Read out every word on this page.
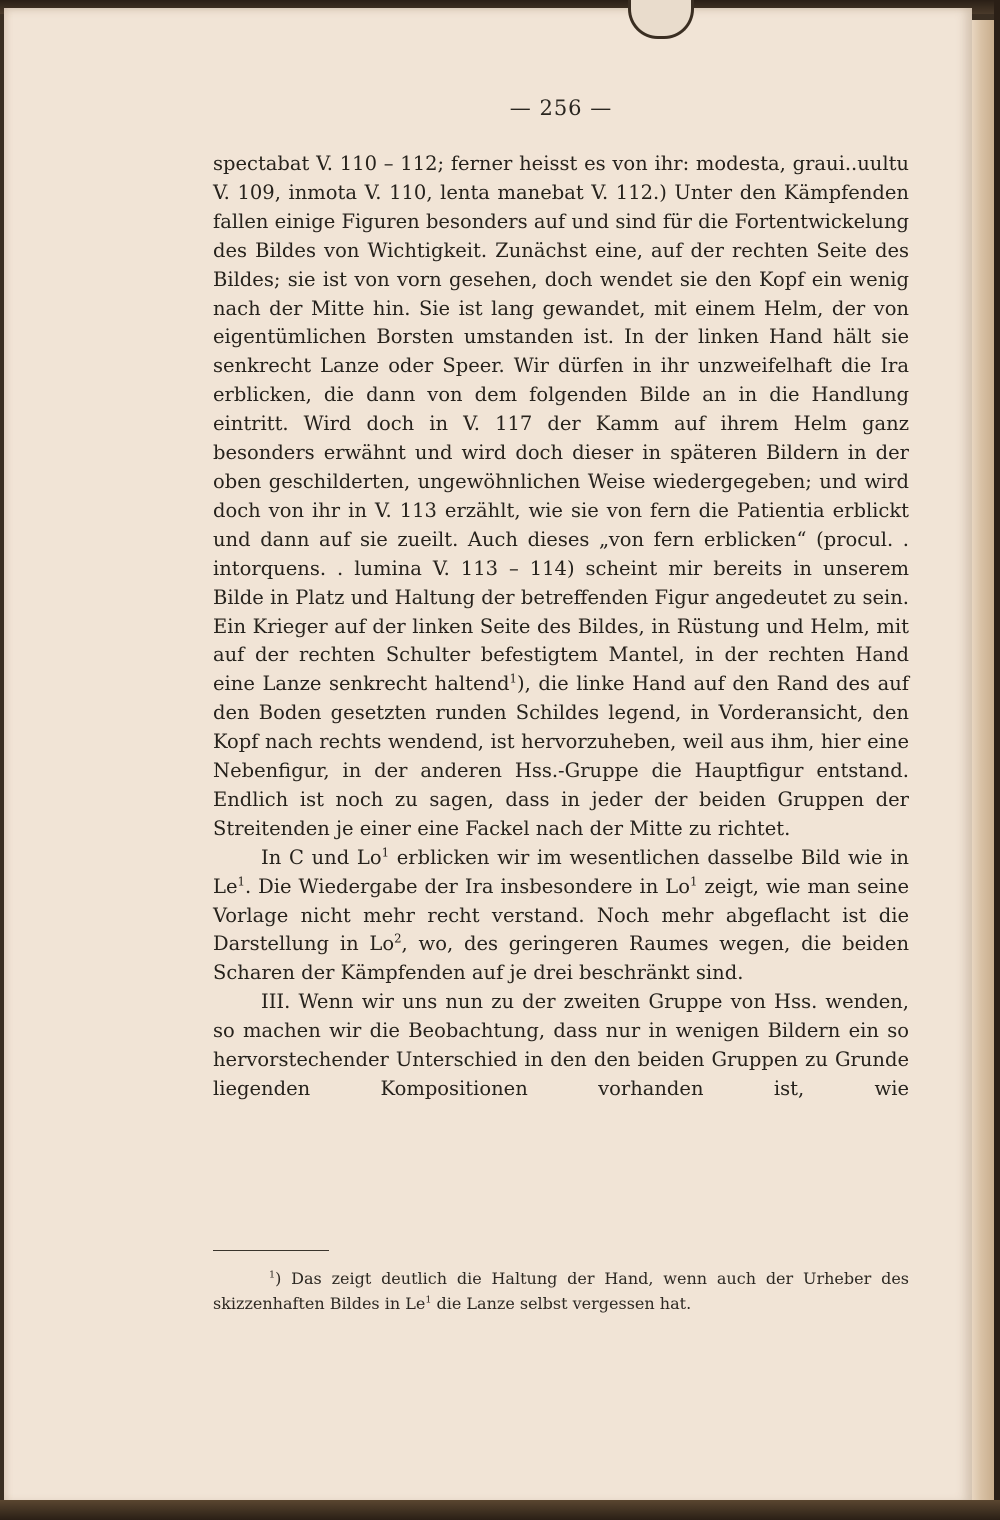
— 256 —

spectabat V. 110 – 112; ferner heisst es von ihr: modesta, graui..uultu V. 109, inmota V. 110, lenta manebat V. 112.) Unter den Kämpfenden fallen einige Figuren besonders auf und sind für die Fortentwickelung des Bildes von Wichtigkeit. Zunächst eine, auf der rechten Seite des Bildes; sie ist von vorn gesehen, doch wendet sie den Kopf ein wenig nach der Mitte hin. Sie ist lang gewandet, mit einem Helm, der von eigentümlichen Borsten umstanden ist. In der linken Hand hält sie senkrecht Lanze oder Speer. Wir dürfen in ihr unzweifelhaft die Ira erblicken, die dann von dem folgenden Bilde an in die Handlung eintritt. Wird doch in V. 117 der Kamm auf ihrem Helm ganz besonders erwähnt und wird doch dieser in späteren Bildern in der oben geschilderten, ungewöhnlichen Weise wiedergegeben; und wird doch von ihr in V. 113 erzählt, wie sie von fern die Patientia erblickt und dann auf sie zueilt. Auch dieses „von fern erblicken“ (procul. . intorquens. . lumina V. 113 – 114) scheint mir bereits in unserem Bilde in Platz und Haltung der betreffenden Figur angedeutet zu sein. Ein Krieger auf der linken Seite des Bildes, in Rüstung und Helm, mit auf der rechten Schulter befestigtem Mantel, in der rechten Hand eine Lanze senkrecht haltend$^1$), die linke Hand auf den Rand des auf den Boden gesetzten runden Schildes legend, in Vorderansicht, den Kopf nach rechts wendend, ist hervorzuheben, weil aus ihm, hier eine Nebenfigur, in der anderen Hss.-Gruppe die Hauptfigur entstand. Endlich ist noch zu sagen, dass in jeder der beiden Gruppen der Streitenden je einer eine Fackel nach der Mitte zu richtet.

In C und Lo$^1$ erblicken wir im wesentlichen dasselbe Bild wie in Le$^1$. Die Wiedergabe der Ira insbesondere in Lo$^1$ zeigt, wie man seine Vorlage nicht mehr recht verstand. Noch mehr abgeflacht ist die Darstellung in Lo$^2$, wo, des geringeren Raumes wegen, die beiden Scharen der Kämpfenden auf je drei beschränkt sind.

III. Wenn wir uns nun zu der zweiten Gruppe von Hss. wenden, so machen wir die Beobachtung, dass nur in wenigen Bildern ein so hervorstechender Unterschied in den den beiden Gruppen zu Grunde liegenden Kompositionen vorhanden ist, wie

$^1$) Das zeigt deutlich die Haltung der Hand, wenn auch der Urheber des skizzenhaften Bildes in Le$^1$ die Lanze selbst vergessen hat.
